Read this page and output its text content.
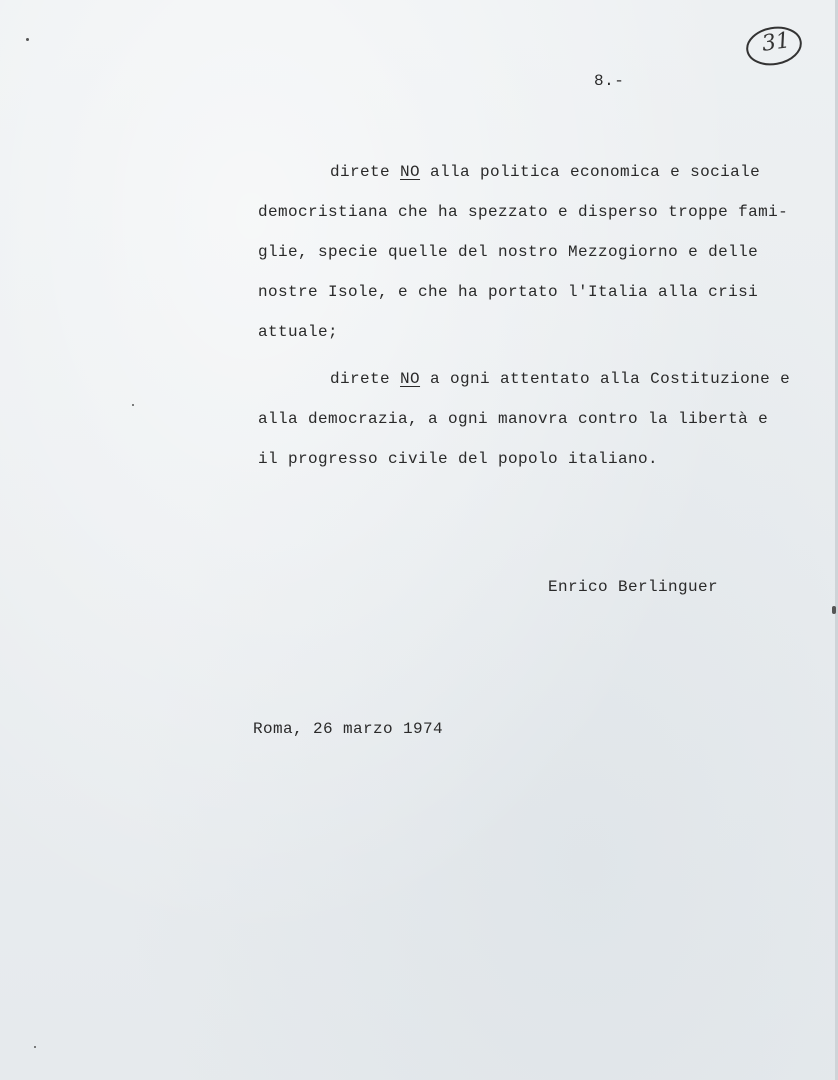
31
8.-
direte NO alla politica economica e sociale
democristiana che ha spezzato e disperso troppe fami-
glie, specie quelle del nostro Mezzogiorno e delle
nostre Isole, e che ha portato l'Italia alla crisi
attuale;
direte NO a ogni attentato alla Costituzione e
alla democrazia, a ogni manovra contro la libertà e
il progresso civile del popolo italiano.
Enrico Berlinguer
Roma, 26 marzo 1974
